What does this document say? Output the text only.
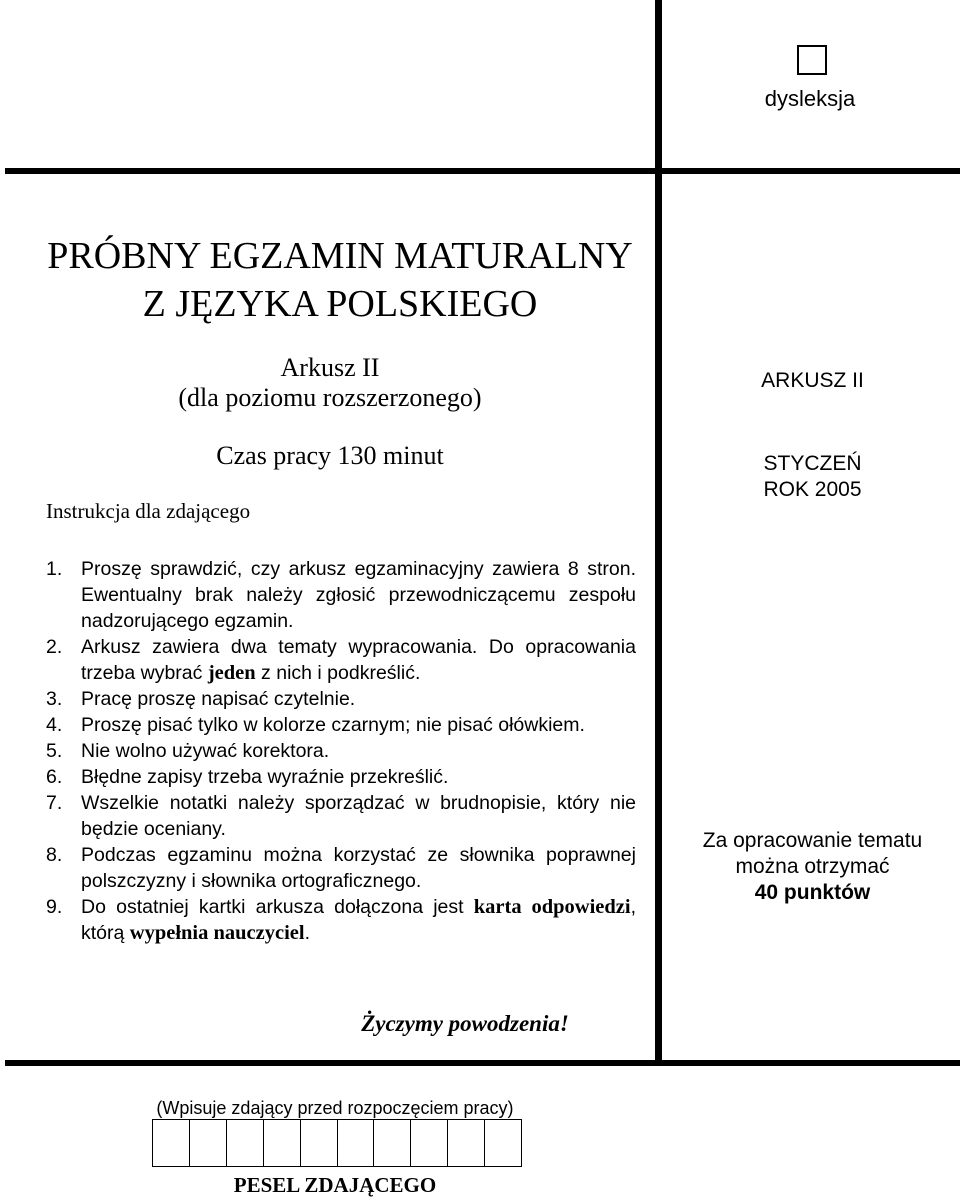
dysleksja
PRÓBNY EGZAMIN MATURALNY
Z JĘZYKA POLSKIEGO
Arkusz II
(dla poziomu rozszerzonego)
Czas pracy 130 minut
Instrukcja dla zdającego
1. Proszę sprawdzić, czy arkusz egzaminacyjny zawiera 8 stron. Ewentualny brak należy zgłosić przewodniczącemu zespołu nadzorującego egzamin.
2. Arkusz zawiera dwa tematy wypracowania. Do opracowania trzeba wybrać jeden z nich i podkreślić.
3. Pracę proszę napisać czytelnie.
4. Proszę pisać tylko w kolorze czarnym; nie pisać ołówkiem.
5. Nie wolno używać korektora.
6. Błędne zapisy trzeba wyraźnie przekreślić.
7. Wszelkie notatki należy sporządzać w brudnopisie, który nie będzie oceniany.
8. Podczas egzaminu można korzystać ze słownika poprawnej polszczyzny i słownika ortograficznego.
9. Do ostatniej kartki arkusza dołączona jest karta odpowiedzi, którą wypełnia nauczyciel.
Życzymy powodzenia!
ARKUSZ II
STYCZEŃ
ROK 2005
Za opracowanie tematu
można otrzymać
40 punktów
(Wpisuje zdający przed rozpoczęciem pracy)
PESEL ZDAJĄCEGO
